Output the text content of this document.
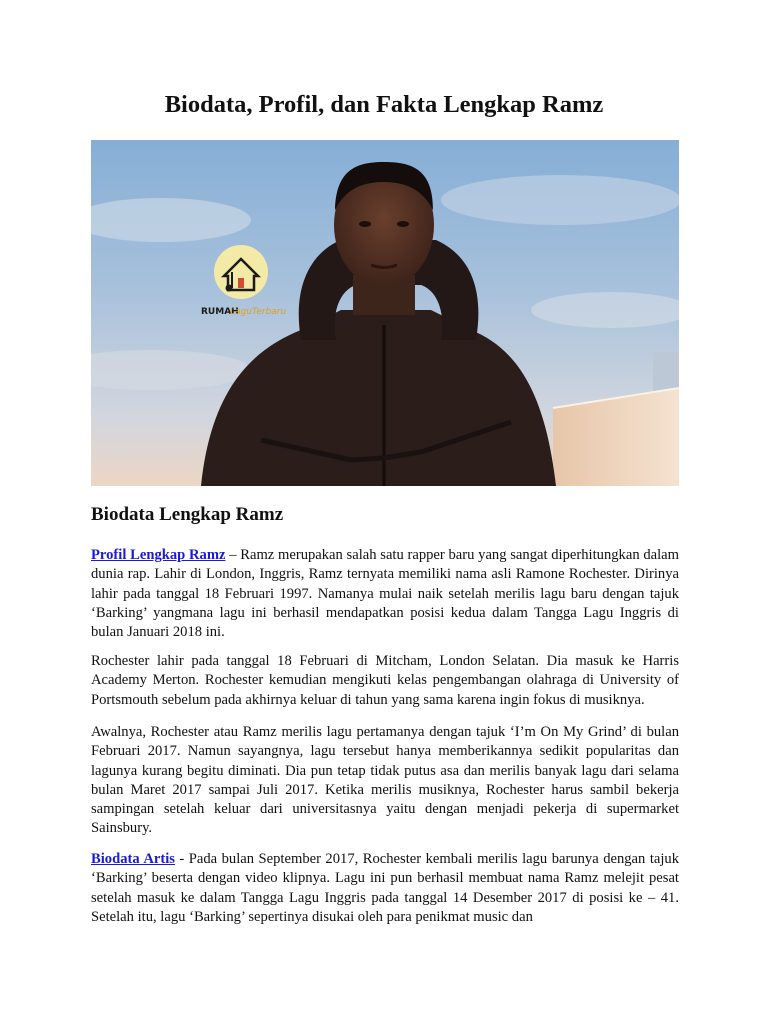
Biodata, Profil, dan Fakta Lengkap Ramz
RUMAH
LaguTerbaru
Biodata Lengkap Ramz

Profil Lengkap Ramz – Ramz merupakan salah satu rapper baru yang sangat diperhitungkan dalam dunia rap. Lahir di London, Inggris, Ramz ternyata memiliki nama asli Ramone Rochester. Dirinya lahir pada tanggal 18 Februari 1997. Namanya mulai naik setelah merilis lagu baru dengan tajuk ‘Barking’ yangmana lagu ini berhasil mendapatkan posisi kedua dalam Tangga Lagu Inggris di bulan Januari 2018 ini.

Rochester lahir pada tanggal 18 Februari di Mitcham, London Selatan. Dia masuk ke Harris Academy Merton. Rochester kemudian mengikuti kelas pengembangan olahraga di University of Portsmouth sebelum pada akhirnya keluar di tahun yang sama karena ingin fokus di musiknya.

Awalnya, Rochester atau Ramz merilis lagu pertamanya dengan tajuk ‘I’m On My Grind’ di bulan Februari 2017. Namun sayangnya, lagu tersebut hanya memberikannya sedikit popularitas dan lagunya kurang begitu diminati. Dia pun tetap tidak putus asa dan merilis banyak lagu dari selama bulan Maret 2017 sampai Juli 2017. Ketika merilis musiknya, Rochester harus sambil bekerja sampingan setelah keluar dari universitasnya yaitu dengan menjadi pekerja di supermarket Sainsbury.

Biodata Artis - Pada bulan September 2017, Rochester kembali merilis lagu barunya dengan tajuk ‘Barking’ beserta dengan video klipnya. Lagu ini pun berhasil membuat nama Ramz melejit pesat setelah masuk ke dalam Tangga Lagu Inggris pada tanggal 14 Desember 2017 di posisi ke – 41. Setelah itu, lagu ‘Barking’ sepertinya disukai oleh para penikmat music dan
